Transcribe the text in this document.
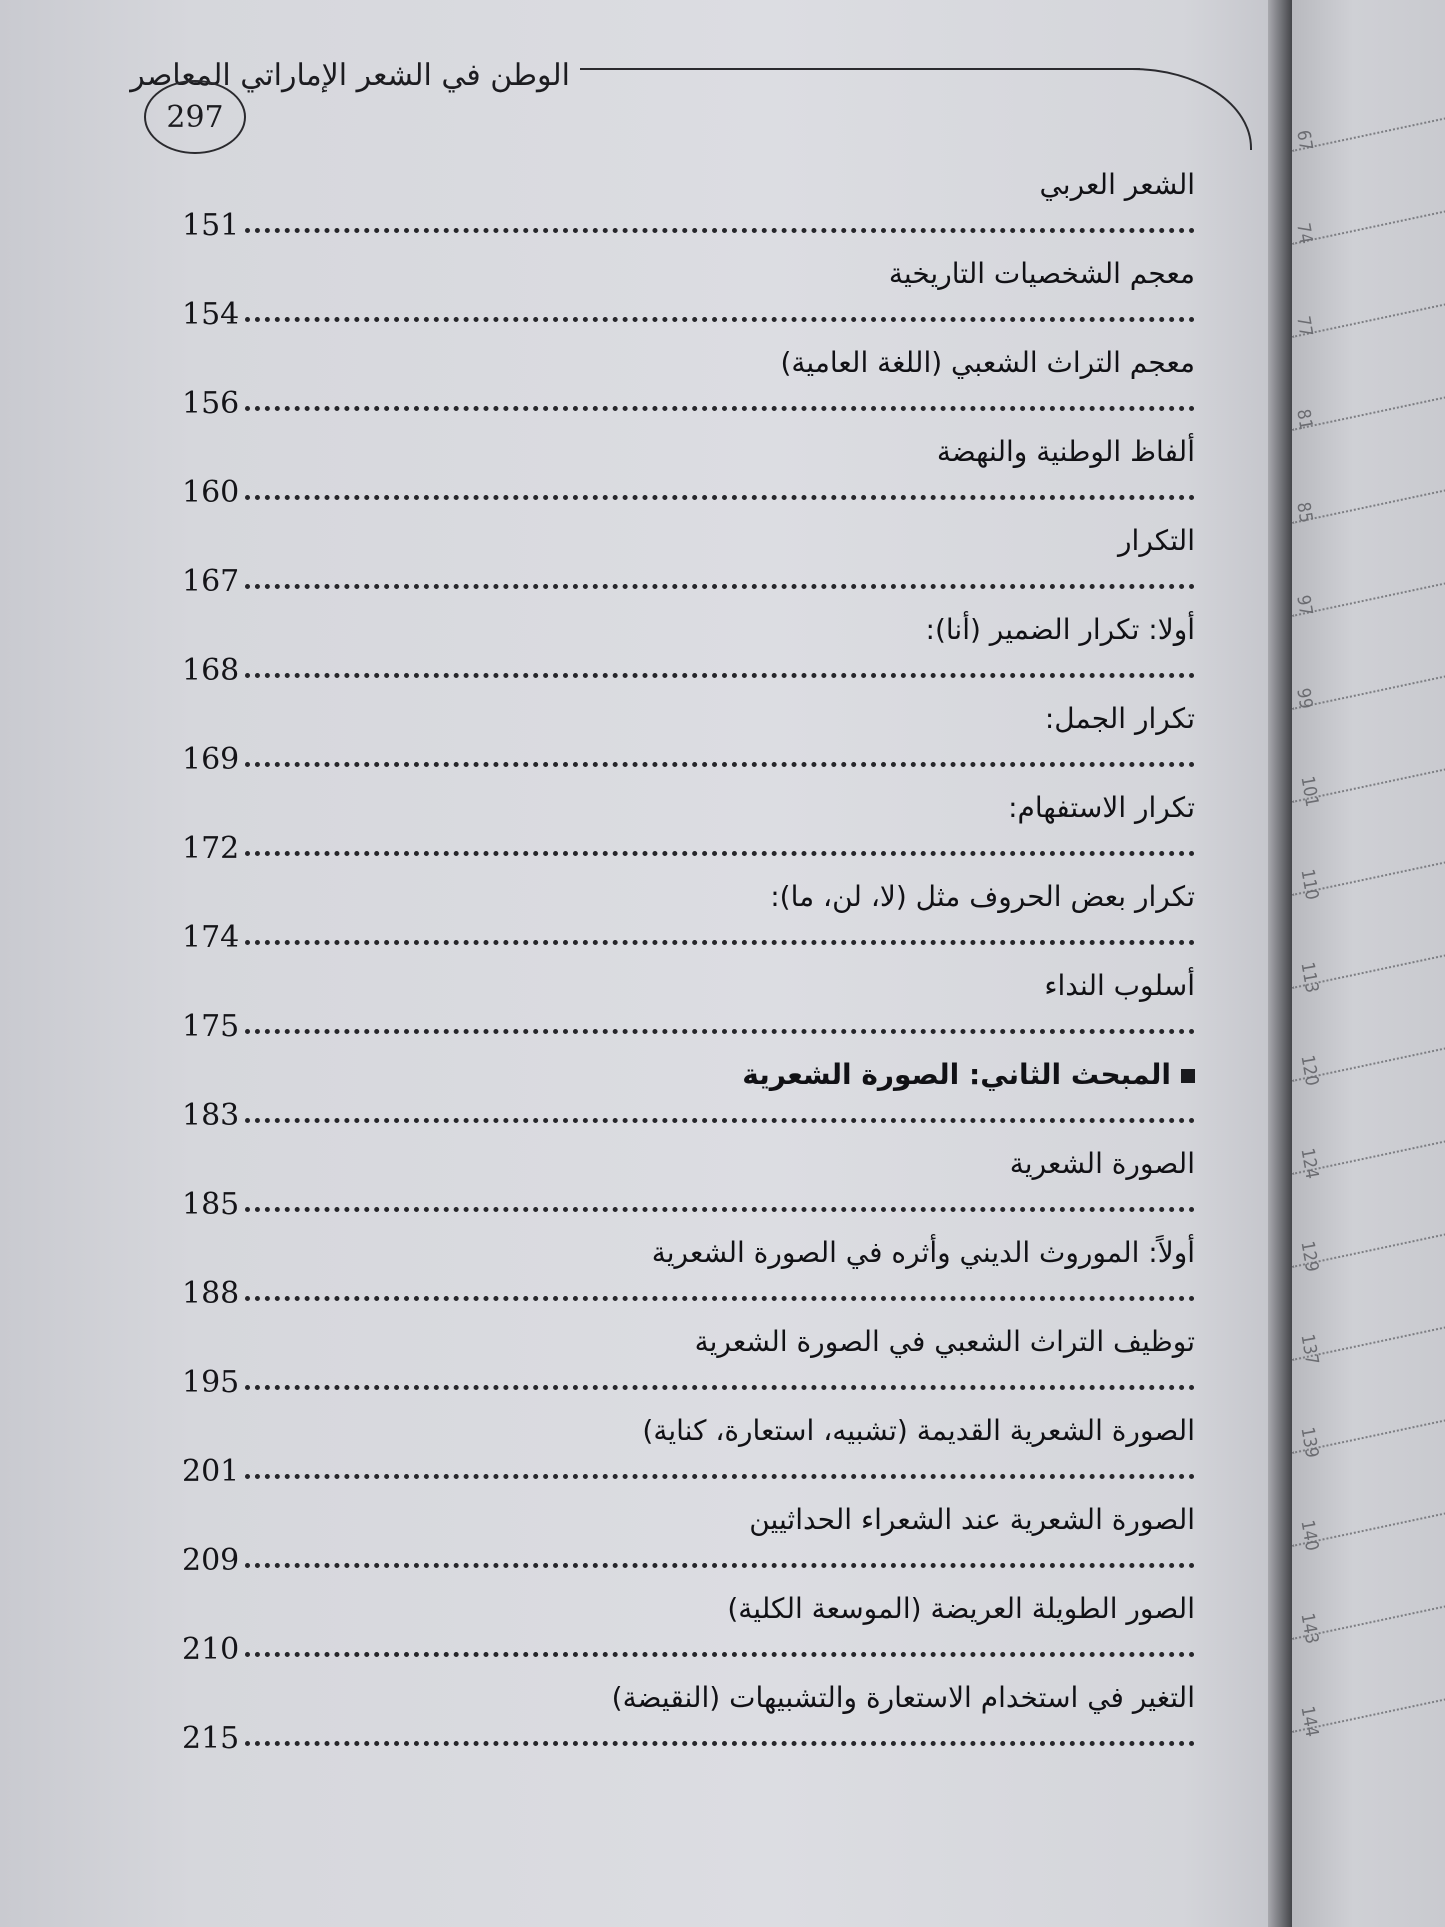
الوطن في الشعر الإماراتي المعاصر
297
الشعر العربي
151
معجم الشخصيات التاريخية
154
معجم التراث الشعبي (اللغة العامية)
156
ألفاظ الوطنية والنهضة
160
التكرار
167
أولا: تكرار الضمير (أنا):
168
تكرار الجمل:
169
تكرار الاستفهام:
172
تكرار بعض الحروف مثل (لا، لن، ما):
174
أسلوب النداء
175
المبحث الثاني: الصورة الشعرية
183
الصورة الشعرية
185
أولاً: الموروث الديني وأثره في الصورة الشعرية
188
توظيف التراث الشعبي في الصورة الشعرية
195
الصورة الشعرية القديمة (تشبيه، استعارة، كناية)
201
الصورة الشعرية عند الشعراء الحداثيين
209
الصور الطويلة العريضة (الموسعة الكلية)
210
التغير في استخدام الاستعارة والتشبيهات (النقيضة)
215
67
74
77
81
85
97
99
101
110
113
120
124
129
137
139
140
143
144
